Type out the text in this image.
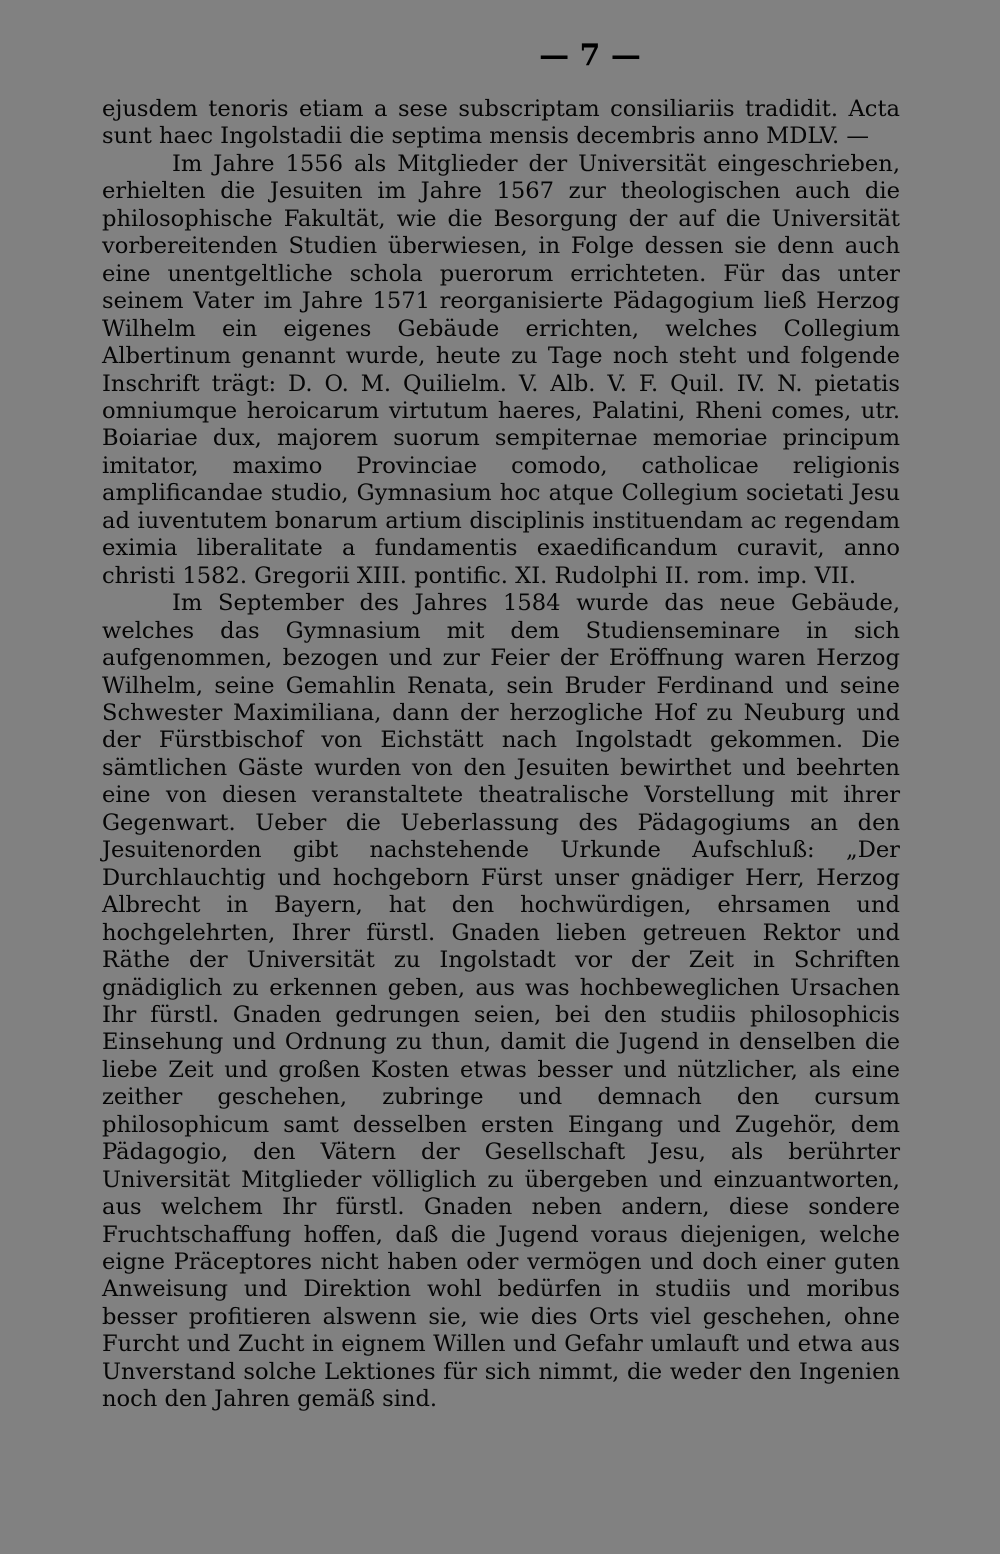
— 7 —

ejusdem tenoris etiam a sese subscriptam consiliariis tradidit. Acta sunt haec Ingolstadii die septima mensis decembris anno MDLV. —

Im Jahre 1556 als Mitglieder der Universität eingeschrieben, erhielten die Jesuiten im Jahre 1567 zur theologischen auch die philosophische Fakultät, wie die Besorgung der auf die Universität vorbereitenden Studien überwiesen, in Folge dessen sie denn auch eine unentgeltliche schola puerorum errichteten. Für das unter seinem Vater im Jahre 1571 reorganisierte Pädagogium ließ Herzog Wilhelm ein eigenes Gebäude errichten, welches Collegium Albertinum genannt wurde, heute zu Tage noch steht und folgende Inschrift trägt: D. O. M. Quilielm. V. Alb. V. F. Quil. IV. N. pietatis omniumque heroicarum virtutum haeres, Palatini, Rheni comes, utr. Boiariae dux, majorem suorum sempiternae memoriae principum imitator, maximo Provinciae comodo, catholicae religionis amplificandae studio, Gymnasium hoc atque Collegium societati Jesu ad iuventutem bonarum artium disciplinis instituendam ac regendam eximia liberalitate a fundamentis exaedificandum curavit, anno christi 1582. Gregorii XIII. pontific. XI. Rudolphi II. rom. imp. VII.

Im September des Jahres 1584 wurde das neue Gebäude, welches das Gymnasium mit dem Studienseminare in sich aufgenommen, bezogen und zur Feier der Eröffnung waren Herzog Wilhelm, seine Gemahlin Renata, sein Bruder Ferdinand und seine Schwester Maximiliana, dann der herzogliche Hof zu Neuburg und der Fürstbischof von Eichstätt nach Ingolstadt gekommen. Die sämtlichen Gäste wurden von den Jesuiten bewirthet und beehrten eine von diesen veranstaltete theatralische Vorstellung mit ihrer Gegenwart. Ueber die Ueberlassung des Pädagogiums an den Jesuitenorden gibt nachstehende Urkunde Aufschluß: „Der Durchlauchtig und hochgeborn Fürst unser gnädiger Herr, Herzog Albrecht in Bayern, hat den hochwürdigen, ehrsamen und hochgelehrten, Ihrer fürstl. Gnaden lieben getreuen Rektor und Räthe der Universität zu Ingolstadt vor der Zeit in Schriften gnädiglich zu erkennen geben, aus was hochbeweglichen Ursachen Ihr fürstl. Gnaden gedrungen seien, bei den studiis philosophicis Einsehung und Ordnung zu thun, damit die Jugend in denselben die liebe Zeit und großen Kosten etwas besser und nützlicher, als eine zeither geschehen, zubringe und demnach den cursum philosophicum samt desselben ersten Eingang und Zugehör, dem Pädagogio, den Vätern der Gesellschaft Jesu, als berührter Universität Mitglieder völliglich zu übergeben und einzuantworten, aus welchem Ihr fürstl. Gnaden neben andern, diese sondere Fruchtschaffung hoffen, daß die Jugend voraus diejenigen, welche eigne Präceptores nicht haben oder vermögen und doch einer guten Anweisung und Direktion wohl bedürfen in studiis und moribus besser profitieren alswenn sie, wie dies Orts viel geschehen, ohne Furcht und Zucht in eignem Willen und Gefahr umlauft und etwa aus Unverstand solche Lektiones für sich nimmt, die weder den Ingenien noch den Jahren gemäß sind.
